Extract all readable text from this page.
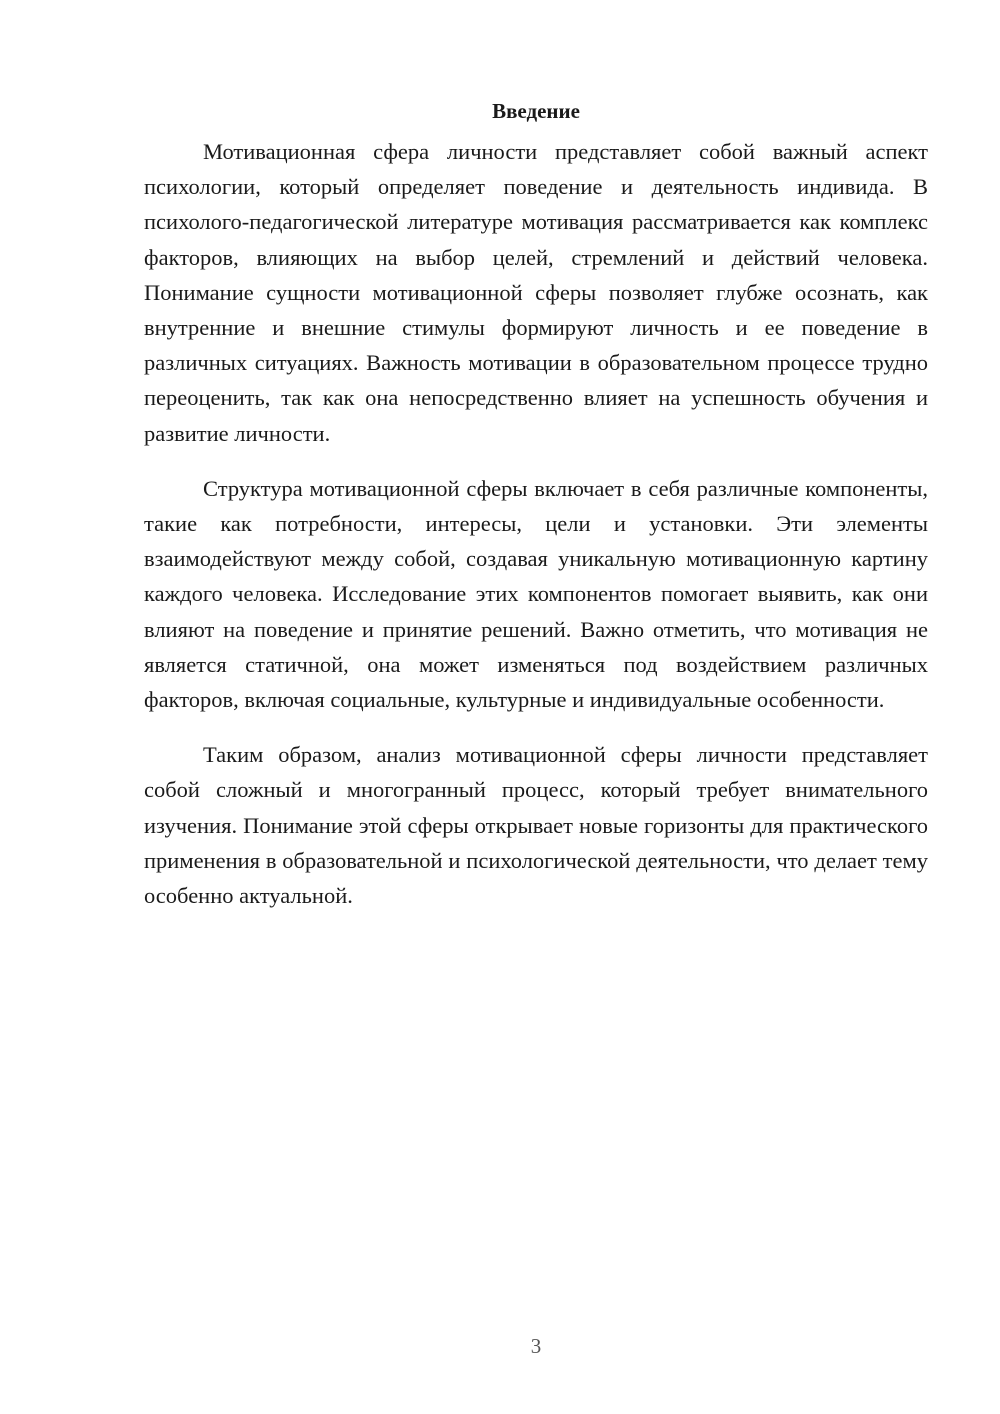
Введение

Мотивационная сфера личности представляет собой важный аспект психологии, который определяет поведение и деятельность индивида. В психолого-педагогической литературе мотивация рассматривается как комплекс факторов, влияющих на выбор целей, стремлений и действий человека. Понимание сущности мотивационной сферы позволяет глубже осознать, как внутренние и внешние стимулы формируют личность и ее поведение в различных ситуациях. Важность мотивации в образовательном процессе трудно переоценить, так как она непосредственно влияет на успешность обучения и развитие личности.

Структура мотивационной сферы включает в себя различные компоненты, такие как потребности, интересы, цели и установки. Эти элементы взаимодействуют между собой, создавая уникальную мотивационную картину каждого человека. Исследование этих компонентов помогает выявить, как они влияют на поведение и принятие решений. Важно отметить, что мотивация не является статичной, она может изменяться под воздействием различных факторов, включая социальные, культурные и индивидуальные особенности.

Таким образом, анализ мотивационной сферы личности представляет собой сложный и многогранный процесс, который требует внимательного изучения. Понимание этой сферы открывает новые горизонты для практического применения в образовательной и психологической деятельности, что делает тему особенно актуальной.

3
